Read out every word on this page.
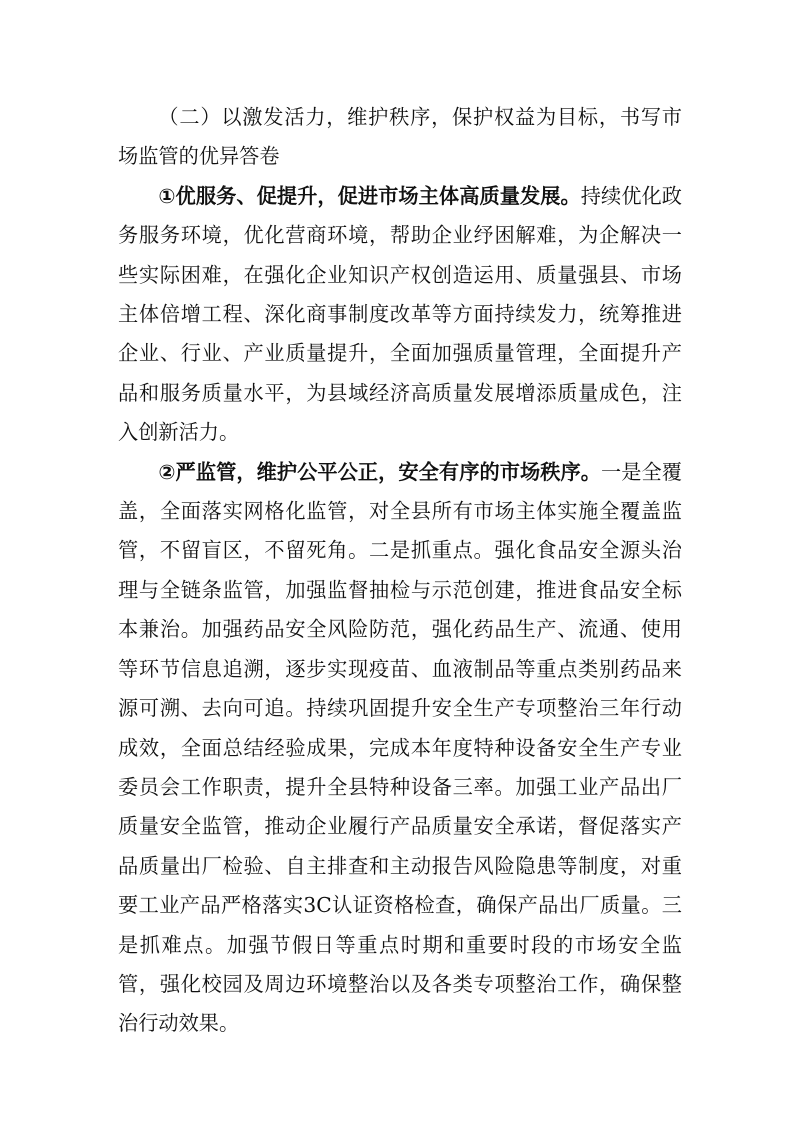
（二）以激发活力，维护秩序，保护权益为目标，书写市场监管的优异答卷

①优服务、促提升，促进市场主体高质量发展。持续优化政务服务环境，优化营商环境，帮助企业纾困解难，为企解决一些实际困难，在强化企业知识产权创造运用、质量强县、市场主体倍增工程、深化商事制度改革等方面持续发力，统筹推进企业、行业、产业质量提升，全面加强质量管理，全面提升产品和服务质量水平，为县域经济高质量发展增添质量成色，注入创新活力。

②严监管，维护公平公正，安全有序的市场秩序。一是全覆盖，全面落实网格化监管，对全县所有市场主体实施全覆盖监管，不留盲区，不留死角。二是抓重点。强化食品安全源头治理与全链条监管，加强监督抽检与示范创建，推进食品安全标本兼治。加强药品安全风险防范，强化药品生产、流通、使用等环节信息追溯，逐步实现疫苗、血液制品等重点类别药品来源可溯、去向可追。持续巩固提升安全生产专项整治三年行动成效，全面总结经验成果，完成本年度特种设备安全生产专业委员会工作职责，提升全县特种设备三率。加强工业产品出厂质量安全监管，推动企业履行产品质量安全承诺，督促落实产品质量出厂检验、自主排查和主动报告风险隐患等制度，对重要工业产品严格落实3C认证资格检查，确保产品出厂质量。三是抓难点。加强节假日等重点时期和重要时段的市场安全监管，强化校园及周边环境整治以及各类专项整治工作，确保整治行动效果。
